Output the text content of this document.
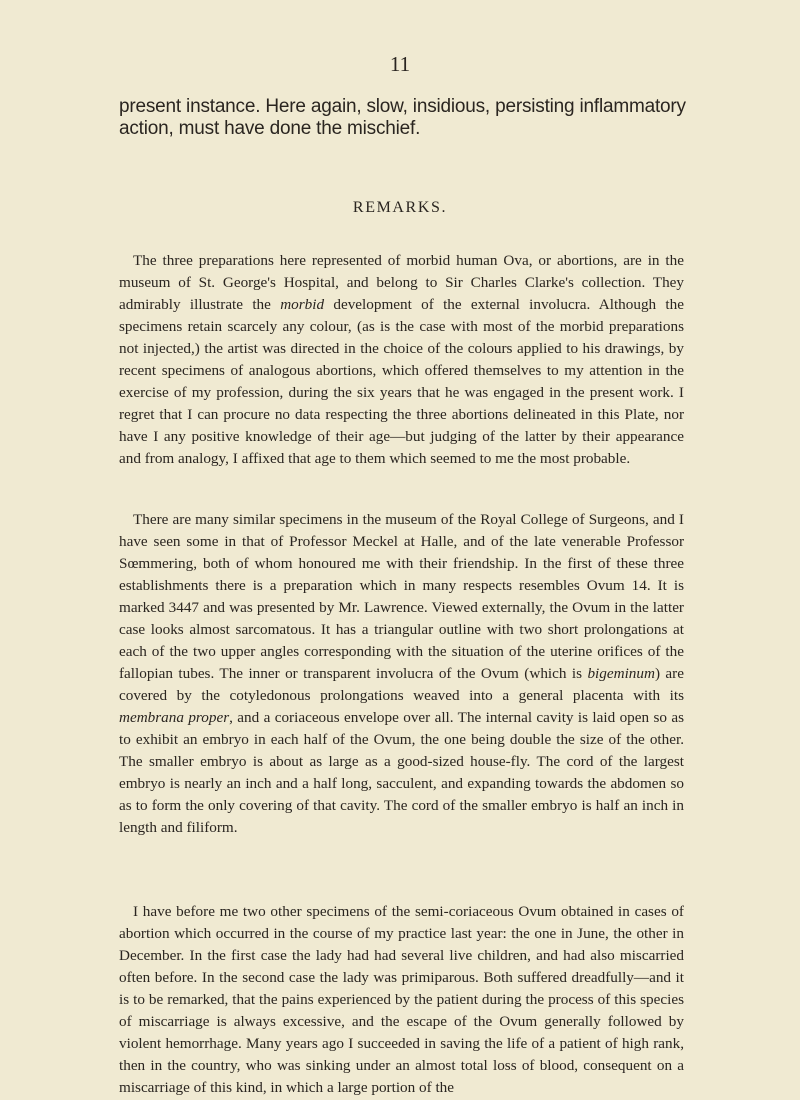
11

present instance. Here again, slow, insidious, persisting inflammatory action, must have done the mischief.

REMARKS.

The three preparations here represented of morbid human Ova, or abortions, are in the museum of St. George's Hospital, and belong to Sir Charles Clarke's collection. They admirably illustrate the morbid development of the external involucra. Although the specimens retain scarcely any colour, (as is the case with most of the morbid preparations not injected,) the artist was directed in the choice of the colours applied to his drawings, by recent specimens of analogous abortions, which offered themselves to my attention in the exercise of my profession, during the six years that he was engaged in the present work. I regret that I can procure no data respecting the three abortions delineated in this Plate, nor have I any positive knowledge of their age—but judging of the latter by their appearance and from analogy, I affixed that age to them which seemed to me the most probable.

There are many similar specimens in the museum of the Royal College of Surgeons, and I have seen some in that of Professor Meckel at Halle, and of the late venerable Professor Sœmmering, both of whom honoured me with their friendship. In the first of these three establishments there is a preparation which in many respects resembles Ovum 14. It is marked 3447 and was presented by Mr. Lawrence. Viewed externally, the Ovum in the latter case looks almost sarcomatous. It has a triangular outline with two short prolongations at each of the two upper angles corresponding with the situation of the uterine orifices of the fallopian tubes. The inner or transparent involucra of the Ovum (which is bigeminum) are covered by the cotyledonous prolongations weaved into a general placenta with its membrana proper, and a coriaceous envelope over all. The internal cavity is laid open so as to exhibit an embryo in each half of the Ovum, the one being double the size of the other. The smaller embryo is about as large as a good-sized house-fly. The cord of the largest embryo is nearly an inch and a half long, sacculent, and expanding towards the abdomen so as to form the only covering of that cavity. The cord of the smaller embryo is half an inch in length and filiform.

I have before me two other specimens of the semi-coriaceous Ovum obtained in cases of abortion which occurred in the course of my practice last year: the one in June, the other in December. In the first case the lady had had several live children, and had also miscarried often before. In the second case the lady was primiparous. Both suffered dreadfully—and it is to be remarked, that the pains experienced by the patient during the process of this species of miscarriage is always excessive, and the escape of the Ovum generally followed by violent hemorrhage. Many years ago I succeeded in saving the life of a patient of high rank, then in the country, who was sinking under an almost total loss of blood, consequent on a miscarriage of this kind, in which a large portion of the
